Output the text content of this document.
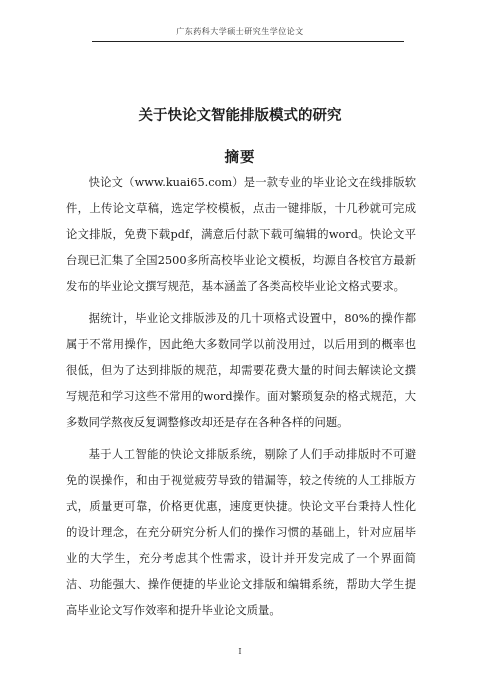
广东药科大学硕士研究生学位论文
关于快论文智能排版模式的研究
摘要

快论文（www.kuai65.com）是一款专业的毕业论文在线排版软件，上传论文草稿，选定学校模板，点击一键排版，十几秒就可完成论文排版，免费下载pdf，满意后付款下载可编辑的word。快论文平台现已汇集了全国2500多所高校毕业论文模板，均源自各校官方最新发布的毕业论文撰写规范，基本涵盖了各类高校毕业论文格式要求。

据统计，毕业论文排版涉及的几十项格式设置中，80%的操作都属于不常用操作，因此绝大多数同学以前没用过，以后用到的概率也很低，但为了达到排版的规范，却需要花费大量的时间去解读论文撰写规范和学习这些不常用的word操作。面对繁琐复杂的格式规范，大多数同学熬夜反复调整修改却还是存在各种各样的问题。

基于人工智能的快论文排版系统，剔除了人们手动排版时不可避免的误操作，和由于视觉疲劳导致的错漏等，较之传统的人工排版方式，质量更可靠，价格更优惠，速度更快捷。快论文平台秉持人性化的设计理念，在充分研究分析人们的操作习惯的基础上，针对应届毕业的大学生，充分考虑其个性需求，设计并开发完成了一个界面简洁、功能强大、操作便捷的毕业论文排版和编辑系统，帮助大学生提高毕业论文写作效率和提升毕业论文质量。

I
